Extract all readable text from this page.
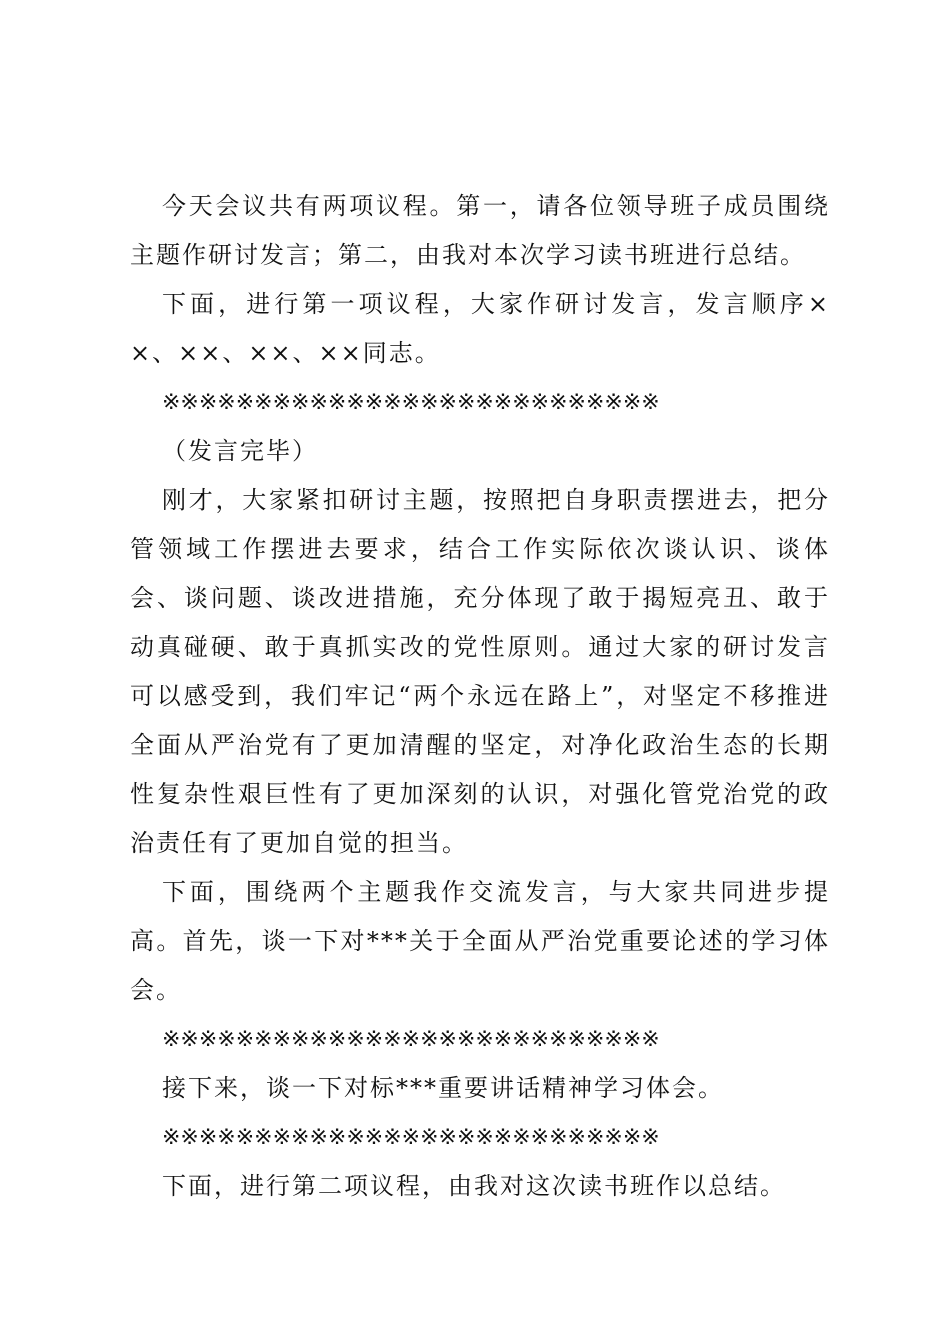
今天会议共有两项议程。第一，请各位领导班子成员围绕主题作研讨发言；第二，由我对本次学习读书班进行总结。

下面，进行第一项议程，大家作研讨发言，发言顺序××、××、××、××同志。

※※※※※※※※※※※※※※※※※※※※※※※※※※※

（发言完毕）

刚才，大家紧扣研讨主题，按照把自身职责摆进去，把分管领域工作摆进去要求，结合工作实际依次谈认识、谈体会、谈问题、谈改进措施，充分体现了敢于揭短亮丑、敢于动真碰硬、敢于真抓实改的党性原则。通过大家的研讨发言可以感受到，我们牢记“两个永远在路上”，对坚定不移推进全面从严治党有了更加清醒的坚定，对净化政治生态的长期性复杂性艰巨性有了更加深刻的认识，对强化管党治党的政治责任有了更加自觉的担当。

下面，围绕两个主题我作交流发言，与大家共同进步提高。首先，谈一下对***关于全面从严治党重要论述的学习体会。

※※※※※※※※※※※※※※※※※※※※※※※※※※※

接下来，谈一下对标***重要讲话精神学习体会。

※※※※※※※※※※※※※※※※※※※※※※※※※※※

下面，进行第二项议程，由我对这次读书班作以总结。
